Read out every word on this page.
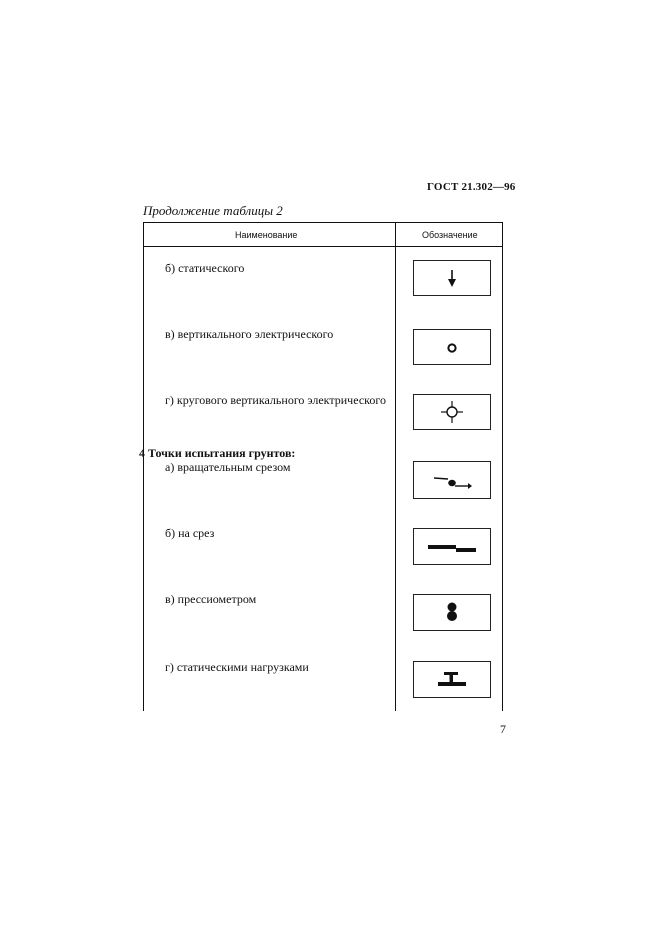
ГОСТ 21.302—96
Продолжение таблицы 2
Наименование	Обозначение
б) статического
в) вертикального электрического
г) кругового вертикального электрического
4 Точки испытания грунтов:
а) вращательным срезом
б) на срез
в) прессиометром
г) статическими нагрузками
7
